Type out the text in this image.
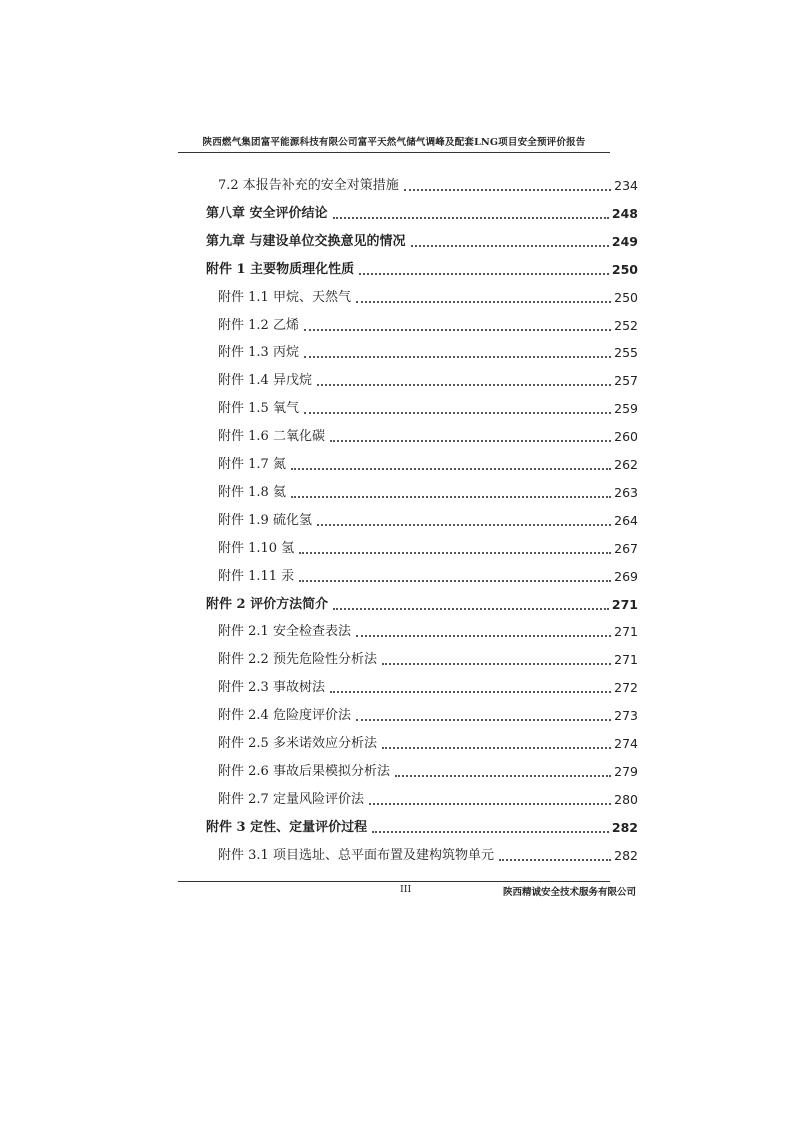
陕西燃气集团富平能源科技有限公司富平天然气储气调峰及配套LNG项目安全预评价报告
7.2 本报告补充的安全对策措施	234
第八章 安全评价结论	248
第九章 与建设单位交换意见的情况	249
附件 1 主要物质理化性质	250
附件 1.1 甲烷、天然气	250
附件 1.2 乙烯	252
附件 1.3 丙烷	255
附件 1.4 异戊烷	257
附件 1.5 氧气	259
附件 1.6 二氧化碳	260
附件 1.7 氮	262
附件 1.8 氦	263
附件 1.9 硫化氢	264
附件 1.10 氢	267
附件 1.11 汞	269
附件 2 评价方法简介	271
附件 2.1 安全检查表法	271
附件 2.2 预先危险性分析法	271
附件 2.3 事故树法	272
附件 2.4 危险度评价法	273
附件 2.5 多米诺效应分析法	274
附件 2.6 事故后果模拟分析法	279
附件 2.7 定量风险评价法	280
附件 3 定性、定量评价过程	282
附件 3.1 项目选址、总平面布置及建构筑物单元	282
III	陕西精诚安全技术服务有限公司
